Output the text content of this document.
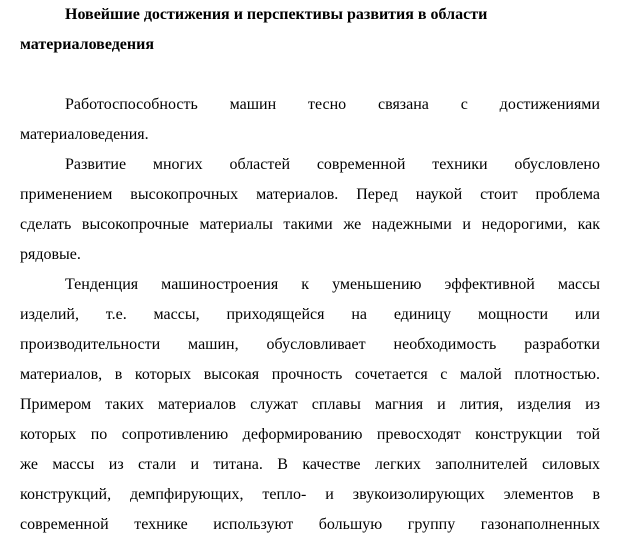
Новейшие достижения и перспективы развития в области
материаловедения
Работоспособность машин тесно связана с достижениями
материаловедения.
Развитие многих областей современной техники обусловлено
применением высокопрочных материалов. Перед наукой стоит проблема
сделать высокопрочные материалы такими же надежными и недорогими, как
рядовые.
Тенденция машиностроения к уменьшению эффективной массы
изделий, т.е. массы, приходящейся на единицу мощности или
производительности машин, обусловливает необходимость разработки
материалов, в которых высокая прочность сочетается с малой плотностью.
Примером таких материалов служат сплавы магния и лития, изделия из
которых по сопротивлению деформированию превосходят конструкции той
же массы из стали и титана. В качестве легких заполнителей силовых
конструкций, демпфирующих, тепло- и звукоизолирующих элементов в
современной технике используют большую группу газонаполненных
